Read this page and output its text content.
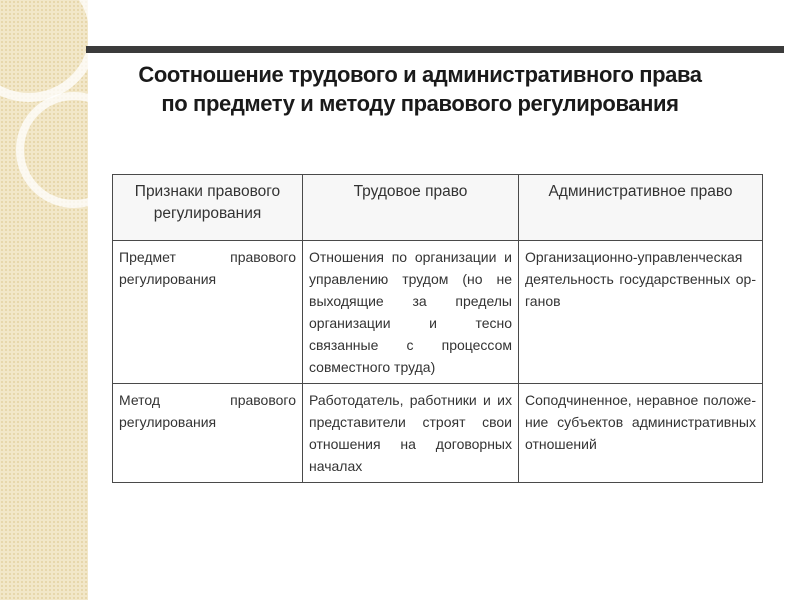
Соотношение трудового и административного права
по предмету и методу правового регулирования
Признаки правового регулирования	Трудовое право	Административное право
Предмет правового регулирования	Отношения по организации и управлению трудом (но не выходящие за пределы организации и тесно связанные с процессом совместного труда)	Организационно-управленческая деятельность государственных органов
Метод правового регулирования	Работодатель, работники и их представители строят свои отношения на договорных началах	Соподчиненное, неравное положение субъектов административных отношений
